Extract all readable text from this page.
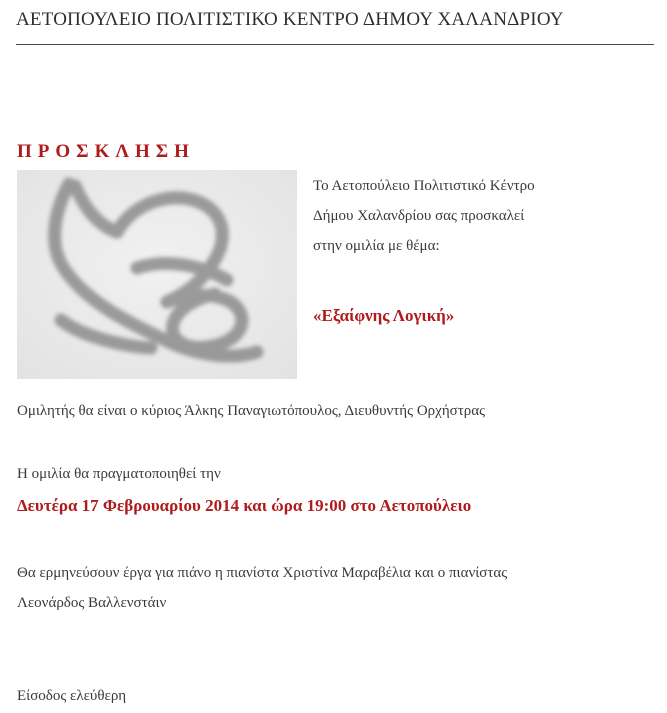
ΑΕΤΟΠΟΥΛΕΙΟ ΠΟΛΙΤΙΣΤΙΚΟ ΚΕΝΤΡΟ ΔΗΜΟΥ ΧΑΛΑΝΔΡΙΟΥ
ΠΡΟΣΚΛΗΣΗ
Το Αετοπούλειο Πολιτιστικό Κέντρο
Δήμου Χαλανδρίου σας προσκαλεί
στην ομιλία με θέμα:
«Εξαίφνης Λογική»
Ομιλητής θα είναι ο κύριος Άλκης Παναγιωτόπουλος, Διευθυντής Ορχήστρας
Η ομιλία θα πραγματοποιηθεί την
Δευτέρα 17 Φεβρουαρίου 2014 και ώρα 19:00 στο Αετοπούλειο
Θα ερμηνεύσουν έργα για πιάνο η πιανίστα Χριστίνα Μαραβέλια και ο πιανίστας
Λεονάρδος Βαλλενστάιν
Είσοδος ελεύθερη
